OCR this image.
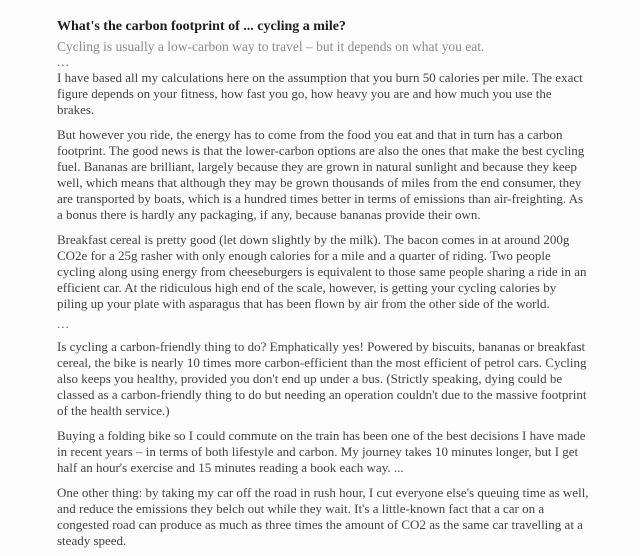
What's the carbon footprint of ... cycling a mile?

Cycling is usually a low-carbon way to travel – but it depends on what you eat.

...

I have based all my calculations here on the assumption that you burn 50 calories per mile. The exact figure depends on your fitness, how fast you go, how heavy you are and how much you use the brakes.

But however you ride, the energy has to come from the food you eat and that in turn has a carbon footprint. The good news is that the lower-carbon options are also the ones that make the best cycling fuel. Bananas are brilliant, largely because they are grown in natural sunlight and because they keep well, which means that although they may be grown thousands of miles from the end consumer, they are transported by boats, which is a hundred times better in terms of emissions than air-freighting. As a bonus there is hardly any packaging, if any, because bananas provide their own.

Breakfast cereal is pretty good (let down slightly by the milk). The bacon comes in at around 200g CO2e for a 25g rasher with only enough calories for a mile and a quarter of riding. Two people cycling along using energy from cheeseburgers is equivalent to those same people sharing a ride in an efficient car. At the ridiculous high end of the scale, however, is getting your cycling calories by piling up your plate with asparagus that has been flown by air from the other side of the world.

...

Is cycling a carbon-friendly thing to do? Emphatically yes! Powered by biscuits, bananas or breakfast cereal, the bike is nearly 10 times more carbon-efficient than the most efficient of petrol cars. Cycling also keeps you healthy, provided you don't end up under a bus. (Strictly speaking, dying could be classed as a carbon-friendly thing to do but needing an operation couldn't due to the massive footprint of the health service.)

Buying a folding bike so I could commute on the train has been one of the best decisions I have made in recent years – in terms of both lifestyle and carbon. My journey takes 10 minutes longer, but I get half an hour's exercise and 15 minutes reading a book each way. ...

One other thing: by taking my car off the road in rush hour, I cut everyone else's queuing time as well, and reduce the emissions they belch out while they wait. It's a little-known fact that a car on a congested road can produce as much as three times the amount of CO2 as the same car travelling at a steady speed.
